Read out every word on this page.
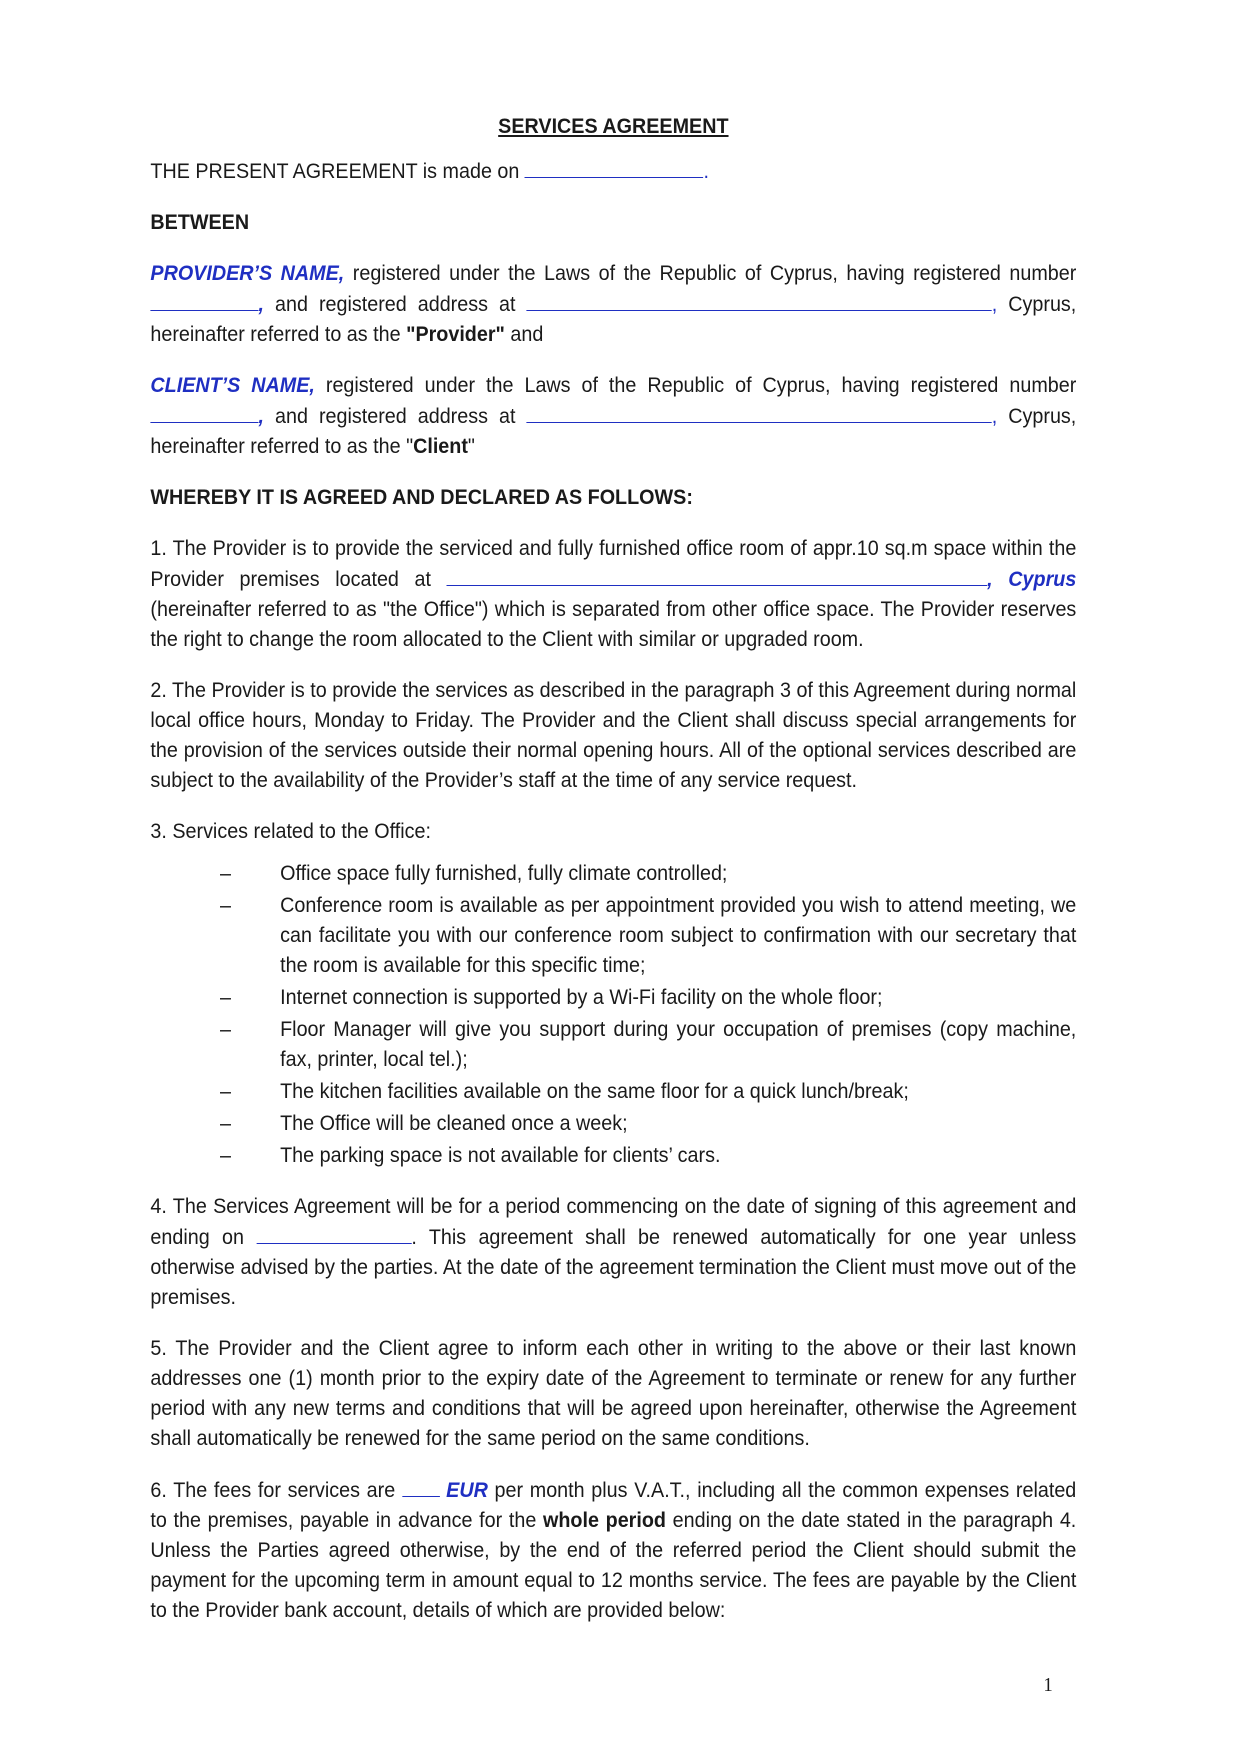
SERVICES AGREEMENT

THE PRESENT AGREEMENT is made on	.

BETWEEN

PROVIDER’S NAME, registered under the Laws of the Republic of Cyprus, having registered number , and registered address at	, Cyprus, hereinafter referred to as the "Provider" and

CLIENT’S NAME, registered under the Laws of the Republic of Cyprus, having registered number , and registered address at	, Cyprus, hereinafter referred to as the "Client"

WHEREBY IT IS AGREED AND DECLARED AS FOLLOWS:

1. The Provider is to provide the serviced and fully furnished office room of appr.10 sq.m space within the Provider premises located at	, Cyprus (hereinafter referred to as "the Office") which is separated from other office space. The Provider reserves the right to change the room allocated to the Client with similar or upgraded room.

2. The Provider is to provide the services as described in the paragraph 3 of this Agreement during normal local office hours, Monday to Friday. The Provider and the Client shall discuss special arrangements for the provision of the services outside their normal opening hours. All of the optional services described are subject to the availability of the Provider’s staff at the time of any service request.

3. Services related to the Office:

– Office space fully furnished, fully climate controlled;
– Conference room is available as per appointment provided you wish to attend meeting, we can facilitate you with our conference room subject to confirmation with our secretary that the room is available for this specific time;
– Internet connection is supported by a Wi-Fi facility on the whole floor;
– Floor Manager will give you support during your occupation of premises (copy machine, fax, printer, local tel.);
– The kitchen facilities available on the same floor for a quick lunch/break;
– The Office will be cleaned once a week;
– The parking space is not available for clients’ cars.

4. The Services Agreement will be for a period commencing on the date of signing of this agreement and ending on	. This agreement shall be renewed automatically for one year unless otherwise advised by the parties. At the date of the agreement termination the Client must move out of the premises.

5. The Provider and the Client agree to inform each other in writing to the above or their last known addresses one (1) month prior to the expiry date of the Agreement to terminate or renew for any further period with any new terms and conditions that will be agreed upon hereinafter, otherwise the Agreement shall automatically be renewed for the same period on the same conditions.

6. The fees for services are EUR per month plus V.A.T., including all the common expenses related to the premises, payable in advance for the whole period ending on the date stated in the paragraph 4. Unless the Parties agreed otherwise, by the end of the referred period the Client should submit the payment for the upcoming term in amount equal to 12 months service. The fees are payable by the Client to the Provider bank account, details of which are provided below:

1
